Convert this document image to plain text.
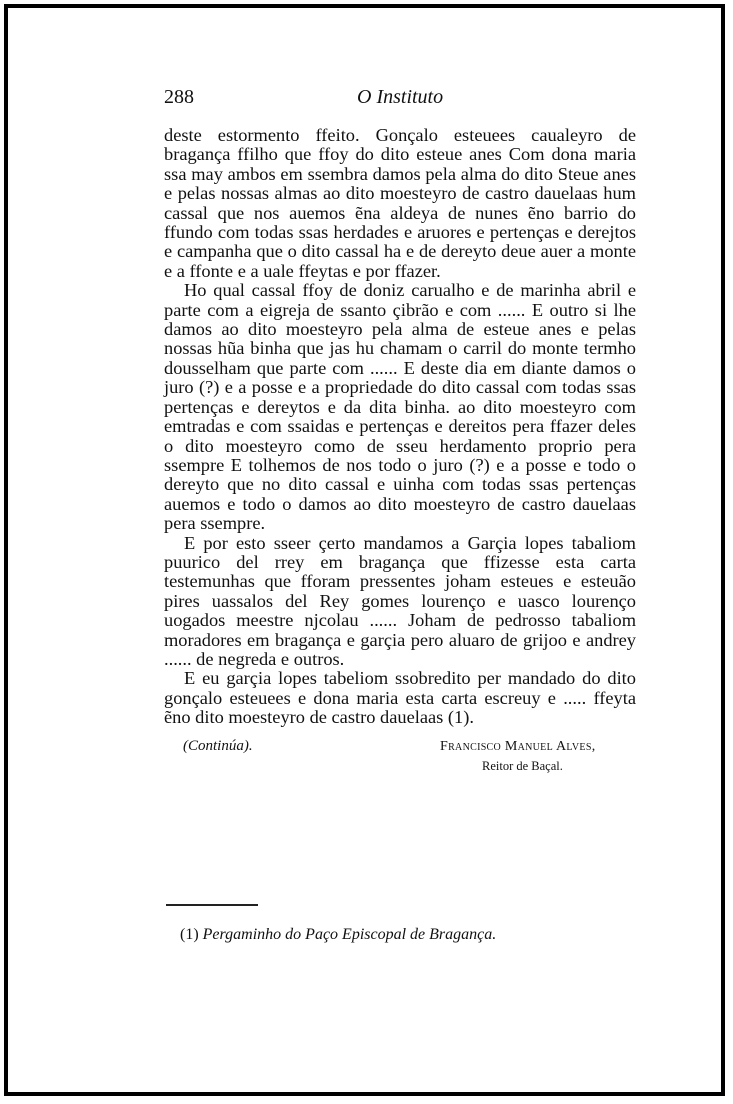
288	O Instituto

deste estormento ffeito. Gonçalo esteuees caualeyro de bragança ffilho que ffoy do dito esteue anes Com dona maria ssa may ambos em ssembra damos pela alma do dito Steue anes e pelas nossas almas ao dito moesteyro de castro dauelaas hum cassal que nos auemos ẽna aldeya de nunes ẽno barrio do ffundo com todas ssas herdades e aruores e pertenças e derejtos e campanha que o dito cassal ha e de dereyto deue auer a monte e a ffonte e a uale ffeytas e por ffazer.

Ho qual cassal ffoy de doniz carualho e de marinha abril e parte com a eigreja de ssanto çibrão e com ...... E outro si lhe damos ao dito moesteyro pela alma de esteue anes e pelas nossas hũa binha que jas hu chamam o carril do monte termho dousselham que parte com ...... E deste dia em diante damos o juro (?) e a posse e a propriedade do dito cassal com todas ssas pertenças e dereytos e da dita binha. ao dito moesteyro com emtradas e com ssaidas e pertenças e dereitos pera ffazer deles o dito moesteyro como de sseu herdamento proprio pera ssempre E tolhemos de nos todo o juro (?) e a posse e todo o dereyto que no dito cassal e uinha com todas ssas pertenças auemos e todo o damos ao dito moesteyro de castro dauelaas pera ssempre.

E por esto sseer çerto mandamos a Garçia lopes tabaliom puurico del rrey em bragança que ffizesse esta carta testemunhas que fforam pressentes joham esteues e esteuão pires uassalos del Rey gomes lourenço e uasco lourenço uogados meestre njcolau ...... Joham de pedrosso tabaliom moradores em bragança e garçia pero aluaro de grijoo e andrey ...... de negreda e outros.

E eu garçia lopes tabeliom ssobredito per mandado do dito gonçalo esteuees e dona maria esta carta escreuy e ..... ffeyta ẽno dito moesteyro de castro dauelaas (1).

(Continúa).	Francisco Manuel Alves,
Reitor de Baçal.
(1) Pergaminho do Paço Episcopal de Bragança.
